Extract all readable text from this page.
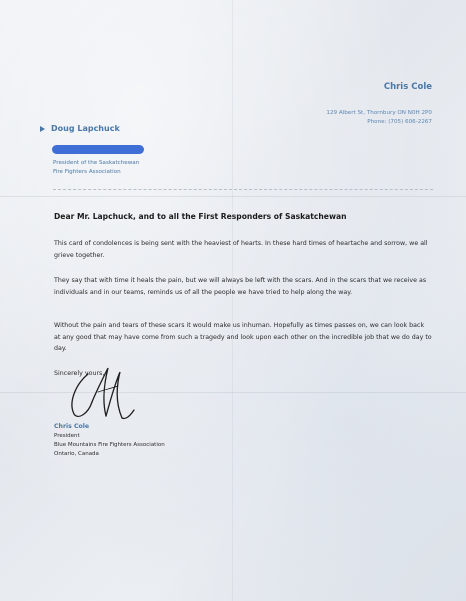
Chris Cole
129 Albert St, Thornbury ON N0H 2P0
Phone: (705) 606-2267
Doug Lapchuck
President of the Saskatchewan
Fire Fighters Association
Dear Mr. Lapchuck, and to all the First Responders of Saskatchewan
This card of condolences is being sent with the heaviest of hearts. In these hard times of heartache and sorrow, we all grieve together.
They say that with time it heals the pain, but we will always be left with the scars. And in the scars that we receive as individuals and in our teams, reminds us of all the people we have tried to help along the way.
Without the pain and tears of these scars it would make us inhuman. Hopefully as times passes on, we can look back at any good that may have come from such a tragedy and look upon each other on the incredible job that we do day to day.
Sincerely yours,
Chris Cole
President
Blue Mountains Fire Fighters Association
Ontario, Canada
